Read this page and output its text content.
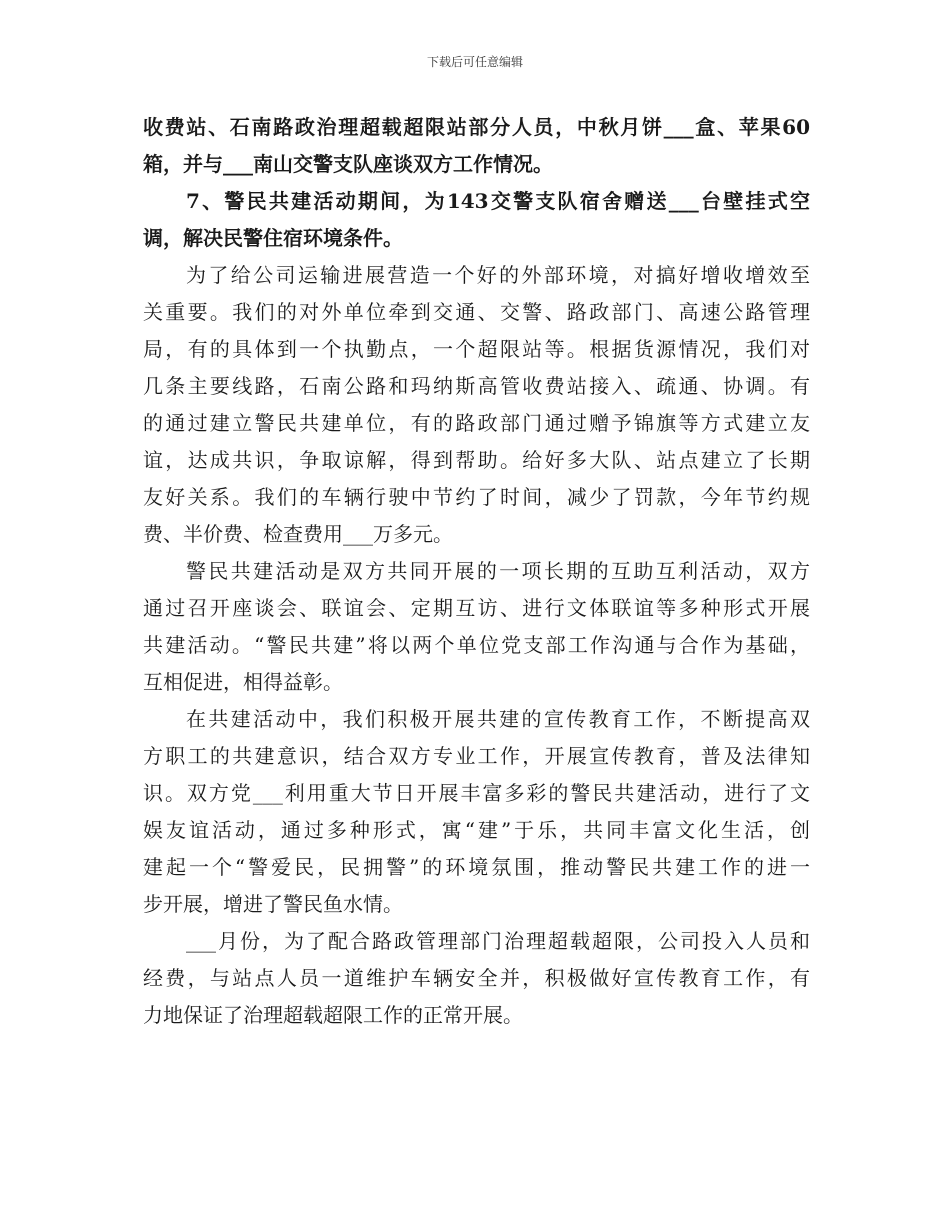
下载后可任意编辑
收费站、石南路政治理超载超限站部分人员，中秋月饼___盒、苹果60
箱，并与___南山交警支队座谈双方工作情况。
7、警民共建活动期间，为143交警支队宿舍赠送___台壁挂式空
调，解决民警住宿环境条件。
为了给公司运输进展营造一个好的外部环境，对搞好增收增效至
关重要。我们的对外单位牵到交通、交警、路政部门、高速公路管理
局，有的具体到一个执勤点，一个超限站等。根据货源情况，我们对
几条主要线路，石南公路和玛纳斯高管收费站接入、疏通、协调。有
的通过建立警民共建单位，有的路政部门通过赠予锦旗等方式建立友
谊，达成共识，争取谅解，得到帮助。给好多大队、站点建立了长期
友好关系。我们的车辆行驶中节约了时间，减少了罚款，今年节约规
费、半价费、检查费用___万多元。
警民共建活动是双方共同开展的一项长期的互助互利活动，双方
通过召开座谈会、联谊会、定期互访、进行文体联谊等多种形式开展
共建活动。“警民共建”将以两个单位党支部工作沟通与合作为基础，
互相促进，相得益彰。
在共建活动中，我们积极开展共建的宣传教育工作，不断提高双
方职工的共建意识，结合双方专业工作，开展宣传教育，普及法律知
识。双方党___利用重大节日开展丰富多彩的警民共建活动，进行了文
娱友谊活动，通过多种形式，寓“建”于乐，共同丰富文化生活，创
建起一个“警爱民，民拥警”的环境氛围，推动警民共建工作的进一
步开展，增进了警民鱼水情。
___月份，为了配合路政管理部门治理超载超限，公司投入人员和
经费，与站点人员一道维护车辆安全并，积极做好宣传教育工作，有
力地保证了治理超载超限工作的正常开展。
